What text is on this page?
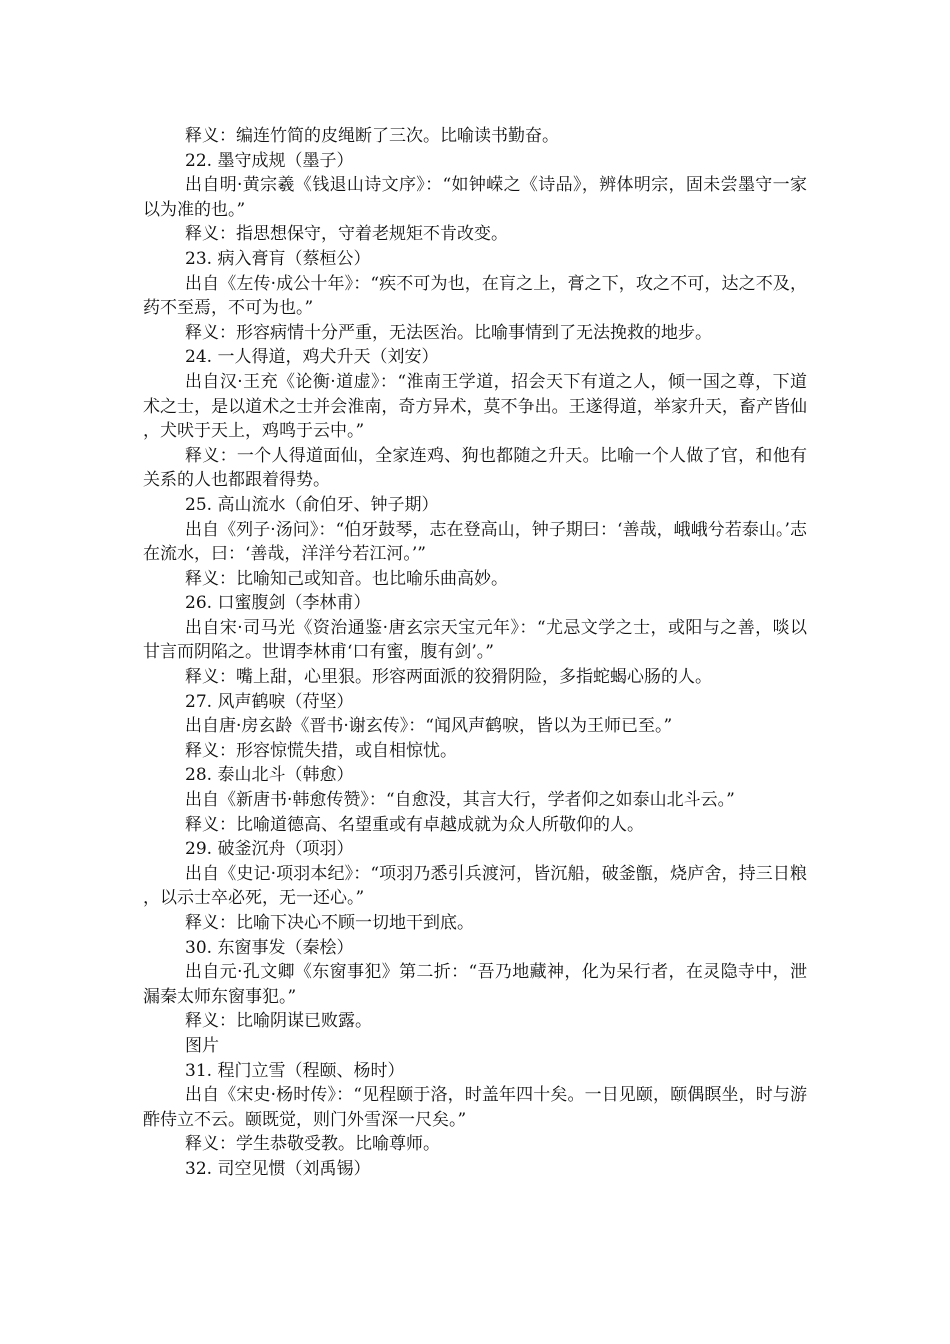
释义：编连竹简的皮绳断了三次。比喻读书勤奋。

22. 墨守成规（墨子）

出自明·黄宗羲《钱退山诗文序》：“如钟嵘之《诗品》，辨体明宗，固未尝墨守一家以为准的也。”

释义：指思想保守，守着老规矩不肯改变。

23. 病入膏肓（蔡桓公）

出自《左传·成公十年》：“疾不可为也，在肓之上，膏之下，攻之不可，达之不及，药不至焉，不可为也。”

释义：形容病情十分严重，无法医治。比喻事情到了无法挽救的地步。

24. 一人得道，鸡犬升天（刘安）

出自汉·王充《论衡·道虚》：“淮南王学道，招会天下有道之人，倾一国之尊，下道术之士，是以道术之士并会淮南，奇方异术，莫不争出。王遂得道，举家升天，畜产皆仙，犬吠于天上，鸡鸣于云中。”

释义：一个人得道面仙，全家连鸡、狗也都随之升天。比喻一个人做了官，和他有关系的人也都跟着得势。

25. 高山流水（俞伯牙、钟子期）

出自《列子·汤问》：“伯牙鼓琴，志在登高山，钟子期曰：‘善哉，峨峨兮若泰山。’志在流水，曰：‘善哉，洋洋兮若江河。’”

释义：比喻知己或知音。也比喻乐曲高妙。

26. 口蜜腹剑（李林甫）

出自宋·司马光《资治通鉴·唐玄宗天宝元年》：“尤忌文学之士，或阳与之善，啖以甘言而阴陷之。世谓李林甫‘口有蜜，腹有剑’。”

释义：嘴上甜，心里狠。形容两面派的狡猾阴险，多指蛇蝎心肠的人。

27. 风声鹤唳（苻坚）

出自唐·房玄龄《晋书·谢玄传》：“闻风声鹤唳，皆以为王师已至。”

释义：形容惊慌失措，或自相惊忧。

28. 泰山北斗（韩愈）

出自《新唐书·韩愈传赞》：“自愈没，其言大行，学者仰之如泰山北斗云。”

释义：比喻道德高、名望重或有卓越成就为众人所敬仰的人。

29. 破釜沉舟（项羽）

出自《史记·项羽本纪》：“项羽乃悉引兵渡河，皆沉船，破釜甑，烧庐舍，持三日粮，以示士卒必死，无一还心。”

释义：比喻下决心不顾一切地干到底。

30. 东窗事发（秦桧）

出自元·孔文卿《东窗事犯》第二折：“吾乃地藏神，化为呆行者，在灵隐寺中，泄漏秦太师东窗事犯。”

释义：比喻阴谋已败露。

图片

31. 程门立雪（程颐、杨时）

出自《宋史·杨时传》：“见程颐于洛，时盖年四十矣。一日见颐，颐偶瞑坐，时与游酢侍立不云。颐既觉，则门外雪深一尺矣。”

释义：学生恭敬受教。比喻尊师。

32. 司空见惯（刘禹锡）
